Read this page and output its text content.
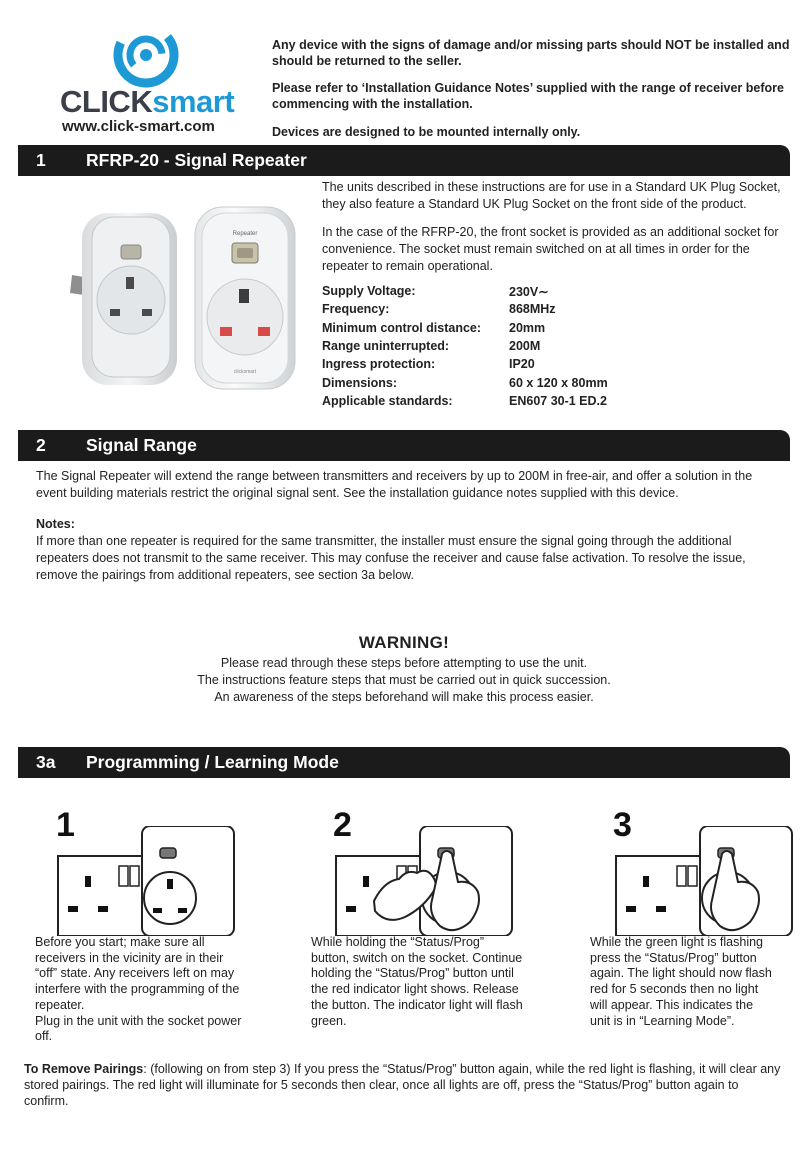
CLICKsmart
www.click-smart.com

Any device with the signs of damage and/or missing parts should NOT be installed and should be returned to the seller.

Please refer to ‘Installation Guidance Notes’ supplied with the range of receiver before commencing with the installation.

Devices are designed to be mounted internally only.

1	RFRP-20 - Signal Repeater
Repeater
clicksmart

The units described in these instructions are for use in a Standard UK Plug Socket, they also feature a Standard UK Plug Socket on the front side of the product.

In the case of the RFRP-20, the front socket is provided as an additional socket for convenience. The socket must remain switched on at all times in order for the repeater to remain operational.

Supply Voltage:	230V∼
Frequency:	868MHz
Minimum control distance:	20mm
Range uninterrupted:	200M
Ingress protection:	IP20
Dimensions:	60 x 120 x 80mm
Applicable standards:	EN607 30-1 ED.2
2	Signal Range

The Signal Repeater will extend the range between transmitters and receivers by up to 200M in free-air, and offer a solution in the event building materials restrict the original signal sent. See the installation guidance notes supplied with this device.

Notes:

If more than one repeater is required for the same transmitter, the installer must ensure the signal going through the additional repeaters does not transmit to the same receiver. This may confuse the receiver and cause false activation. To resolve the issue, remove the pairings from additional repeaters, see section 3a below.

WARNING!

Please read through these steps before attempting to use the unit.

The instructions feature steps that must be carried out in quick succession.

An awareness of the steps beforehand will make this process easier.

3a	Programming / Learning Mode
1
Before you start; make sure all receivers in the vicinity are in their “off” state. Any receivers left on may interfere with the programming of the repeater.
Plug in the unit with the socket power off.
2
While holding the “Status/Prog” button, switch on the socket. Continue holding the “Status/Prog” button until the red indicator light shows. Release the button. The indicator light will flash green.
3
While the green light is flashing press the “Status/Prog” button again. The light should now flash red for 5 seconds then no light will appear. This indicates the unit is in “Learning Mode”.
To Remove Pairings: (following on from step 3) If you press the “Status/Prog” button again, while the red light is flashing, it will clear any stored pairings. The red light will illuminate for 5 seconds then clear, once all lights are off, press the “Status/Prog” button again to confirm.
